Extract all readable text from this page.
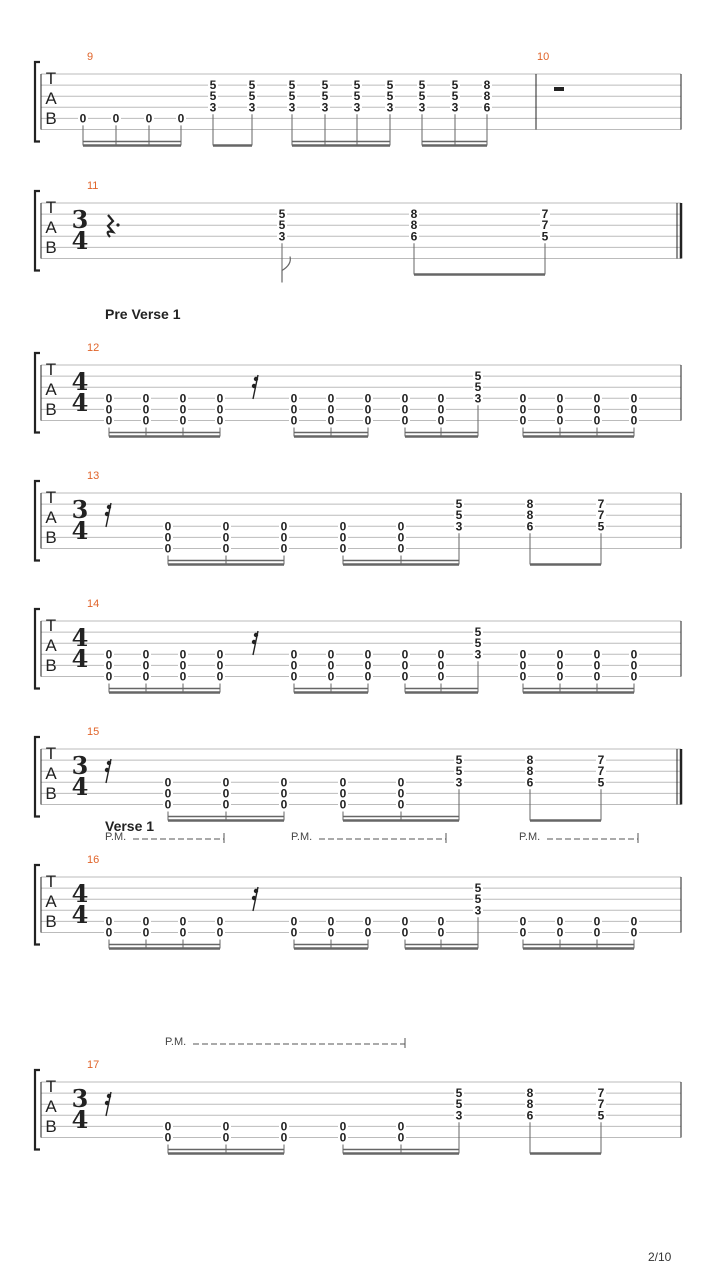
T
A
B
9
0 0 0 0
5
5
3
5
5
3
5
5
3
5
5
3
5
5
3
5
5
3
5
5
3
5
5
3
8
8
6
10
T
A
B
11
3
4
5
5
3
8
8
6
7
7
5
T
A
B
Pre Verse 1
12
4
4 0
0
0
0
0
0
0
0
0
0
0
0
0
0
0
0
0
0
0
0
0
0
0
0
0
0
0
5
5
3	0
0
0
0
0
0
0
0
0
0
0
0
T
A
B
13
3
4	0
0
0
0
0
0
0
0
0
0
0
0
0
0
0
5
5
3
8
8
6
7
7
5
T
A
B
14
4
4 0
0
0
0
0
0
0
0
0
0
0
0
0
0
0
0
0
0
0
0
0
0
0
0
0
0
0
5
5
3	0
0
0
0
0
0
0
0
0
0
0
0
T
A
B
15
3
4	0
0
0
0
0
0
0
0
0
0
0
0
0
0
0
5
5
3
8
8
6
7
7
5
T
A
B
Verse 1
16
4
4 0
0
0
0
0
0
0
0
0
0
0
0
0
0
0
0
0
0
5
5
3
0
0
0
0
0
0
0
0
P.M.	P.M.	P.M.
T
A
B
17
3
4	0
0
0
0
0
0
0
0
0
0
5
5
3
8
8
6
7
7
5
P.M.
2/10
